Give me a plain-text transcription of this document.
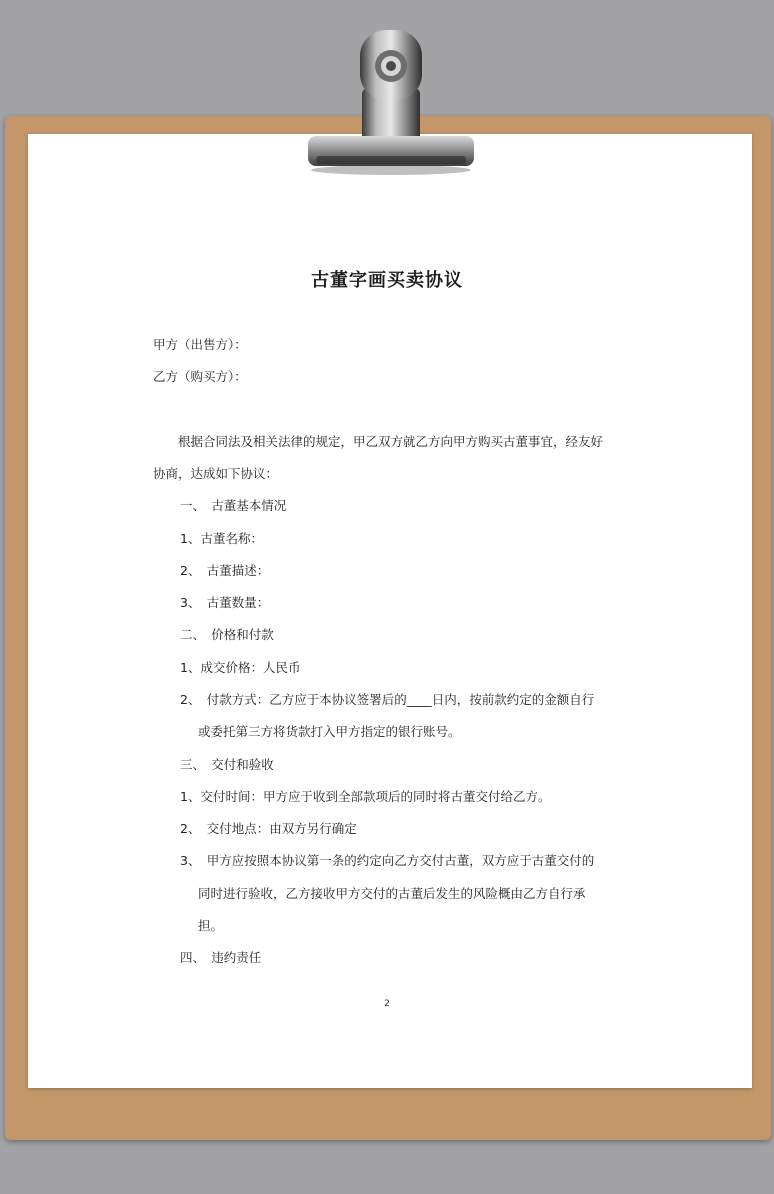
古董字画买卖协议
甲方（出售方）：
乙方（购买方）：
根据合同法及相关法律的规定，甲乙双方就乙方向甲方购买古董事宜，经友好
协商，达成如下协议：
一、　古董基本情况
1、古董名称：
2、　古董描述：
3、　古董数量：
二、　价格和付款
1、成交价格：人民币
2、　付款方式：乙方应于本协议签署后的____日内，按前款约定的金额自行
或委托第三方将货款打入甲方指定的银行账号。
三、　交付和验收
1、交付时间：甲方应于收到全部款项后的同时将古董交付给乙方。
2、　交付地点：由双方另行确定
3、　甲方应按照本协议第一条的约定向乙方交付古董，双方应于古董交付的
同时进行验收，乙方接收甲方交付的古董后发生的风险概由乙方自行承
担。
四、　违约责任
2
